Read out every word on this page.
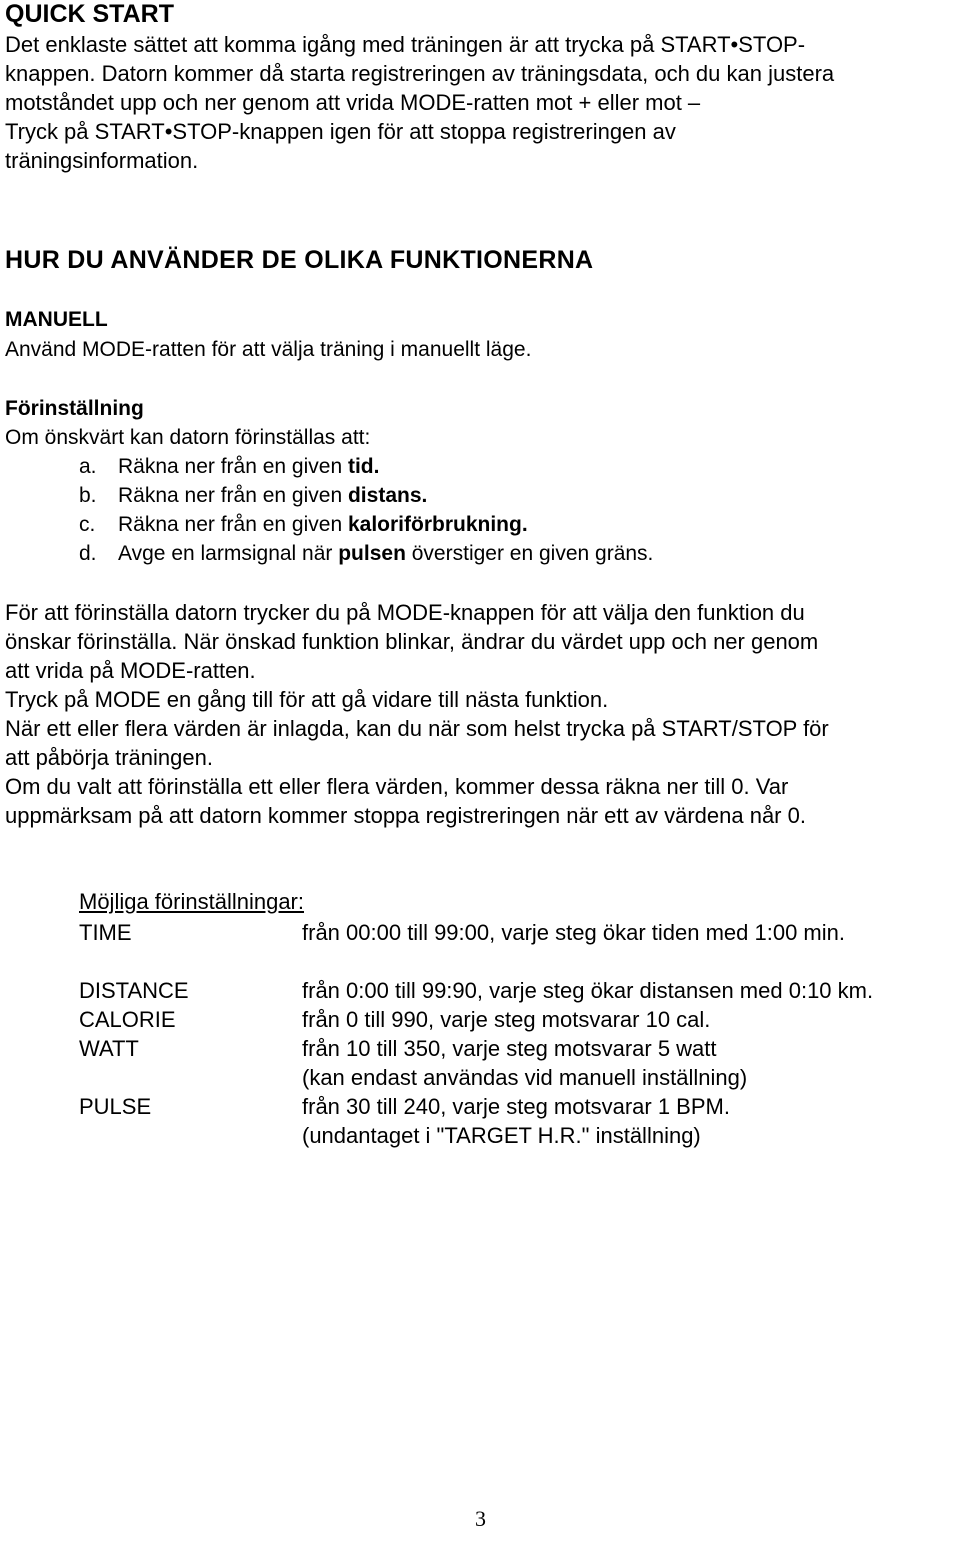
QUICK START
Det enklaste sättet att komma igång med träningen är att trycka på START•STOP-
knappen. Datorn kommer då starta registreringen av träningsdata, och du kan justera
motståndet upp och ner genom att vrida MODE-ratten mot + eller mot –
Tryck på START•STOP-knappen igen för att stoppa registreringen av
träningsinformation.
HUR DU ANVÄNDER DE OLIKA FUNKTIONERNA
MANUELL
Använd MODE-ratten för att välja träning i manuellt läge.
Förinställning
Om önskvärt kan datorn förinställas att:
a. Räkna ner från en given tid.
b. Räkna ner från en given distans.
c. Räkna ner från en given kaloriförbrukning.
d. Avge en larmsignal när pulsen överstiger en given gräns.
För att förinställa datorn trycker du på MODE-knappen för att välja den funktion du
önskar förinställa. När önskad funktion blinkar, ändrar du värdet upp och ner genom
att vrida på MODE-ratten.
Tryck på MODE en gång till för att gå vidare till nästa funktion.
När ett eller flera värden är inlagda, kan du när som helst trycka på START/STOP för
att påbörja träningen.
Om du valt att förinställa ett eller flera värden, kommer dessa räkna ner till 0. Var
uppmärksam på att datorn kommer stoppa registreringen när ett av värdena når 0.
Möjliga förinställningar:
TIME	från 00:00 till 99:00, varje steg ökar tiden med 1:00 min.
DISTANCE	från 0:00 till 99:90, varje steg ökar distansen med 0:10 km.
CALORIE	från 0 till 990, varje steg motsvarar 10 cal.
WATT	från 10 till 350, varje steg motsvarar 5 watt
(kan endast användas vid manuell inställning)
PULSE	från 30 till 240, varje steg motsvarar 1 BPM.
(undantaget i "TARGET H.R." inställning)
3
